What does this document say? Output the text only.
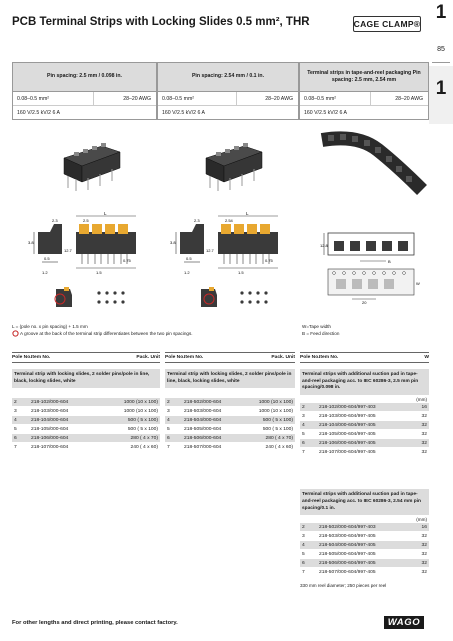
PCB Terminal Strips with Locking Slides 0.5 mm², THR	CAGE CLAMP®
1
85
1
Pin spacing: 2.5 mm / 0.098 in.
0.08–0.5 mm²	28–20 AWG
160 V/2.5 kV/2 6 A
Pin spacing: 2.54 mm / 0.1 in.
0.08–0.5 mm²	28–20 AWG
160 V/2.5 kV/2 6 A
Terminal strips in tape-and-reel packaging Pin spacing: 2.5 mm, 2.54 mm
0.08–0.5 mm²	28–20 AWG
160 V/2.5 kV/2 6 A
L
2.5
2.3
0.5
3.8
1.5
0.75
12.7
1.2
L
2.54
2.3
0.5
3.8
1.5
0.75
12.7
1.2
12.8
B
W
20
L = (pole no. x pin spacing) + 1.5 mm
A groove at the back of the terminal strip differentiates between the two pin spacings.
W=Tape width
B = Feed direction
Pole No. Item No.	Pack. Unit
Terminal strip with locking slides, 2 solder pins/pole in line, black, locking slides, white
2	218-102/000-604	1000 (10 x 100)
3	218-103/000-604	1000 (10 x 100)
4	218-104/000-604	500 ( 5 x 100)
5	218-105/000-604	500 ( 5 x 100)
6	218-106/000-604	280 ( 4 x 70)
7	218-107/000-604	240 ( 4 x 60)
Pole No. Item No.	Pack. Unit
Terminal strip with locking slides, 2 solder pins/pole in line, black, locking slides, white
2	218-502/000-604	1000 (10 x 100)
3	218-503/000-604	1000 (10 x 100)
4	218-504/000-604	500 ( 5 x 100)
5	218-505/000-604	500 ( 5 x 100)
6	218-506/000-604	280 ( 4 x 70)
7	218-507/000-604	240 ( 4 x 60)
Pole No. Item No.	W
Terminal strips with additional suction pad in tape-and-reel packaging acc. to IEC 60286-3, 2.5 mm pin spacing/0.098 in.
(mm)
2	218-102/000-604/997-403	16
3	218-103/000-604/997-405	32
4	218-104/000-604/997-405	32
5	218-105/000-604/997-405	32
6	218-106/000-604/997-405	32
7	218-107/000-604/997-405	32
Terminal strips with additional suction pad in tape-and-reel packaging acc. to IEC 60286-3, 2.54 mm pin spacing/0.1 in.
(mm)
2	218-502/000-604/997-403	16
3	218-503/000-604/997-405	32
4	218-504/000-604/997-405	32
5	218-505/000-604/997-405	32
6	218-506/000-604/997-405	32
7	218-507/000-604/997-405	32
330 mm reel diameter; 250 pieces per reel
For other lengths and direct printing, please contact factory.	WAGO
